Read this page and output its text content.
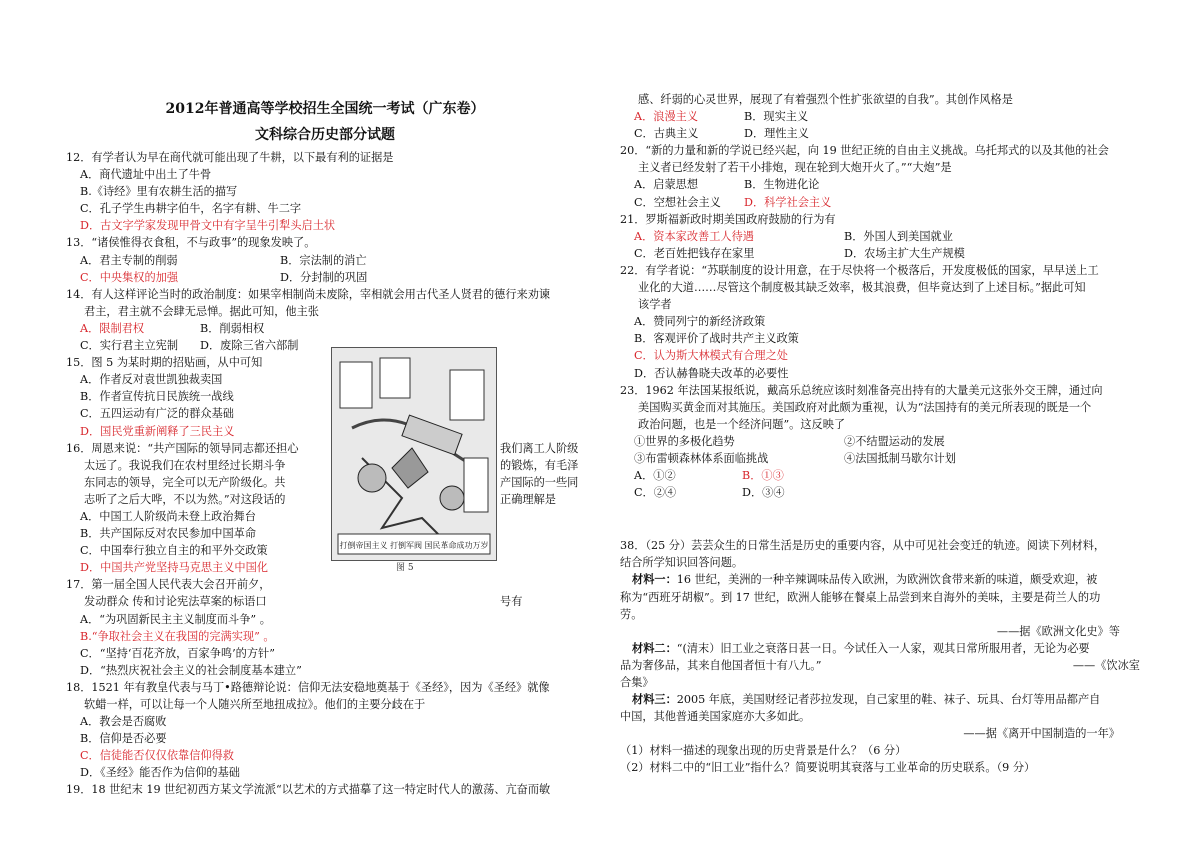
2012年普通高等学校招生全国统一考试（广东卷）
文科综合历史部分试题
12．有学者认为早在商代就可能出现了牛耕，以下最有利的证据是
A．商代遗址中出土了牛骨
B.《诗经》里有农耕生活的描写
C．孔子学生冉耕字伯牛，名字有耕、牛二字
D．古文字学家发现甲骨文中有字呈牛引犁头启土状
13．“诸侯惟得衣食租，不与政事”的现象发映了。
A．君主专制的削弱	B．宗法制的消亡
C．中央集权的加强	D．分封制的巩固
14．有人这样评论当时的政治制度：如果宰相制尚未废除，宰相就会用古代圣人贤君的德行来劝谏
君主，君主就不会肆无忌惮。据此可知，他主张
A．限制君权	B．削弱相权
C．实行君主立宪制	D．废除三省六部制
15．图 5 为某时期的招贴画，从中可知
A．作者反对袁世凯独裁卖国
B．作者宣传抗日民族统一战线
C．五四运动有广泛的群众基础
D．国民党重新阐释了三民主义
16．周恩来说：“共产国际的领导同志都还担心	我们离工人阶级
太远了。我说我们在农村里经过长期斗争	的锻炼，有毛泽
东同志的领导，完全可以无产阶级化。共	产国际的一些同
志听了之后大哗，不以为然。”对这段话的	正确理解是
A．中国工人阶级尚未登上政治舞台
B．共产国际反对农民参加中国革命
C．中国奉行独立自主的和平外交政策
D．中国共产党坚持马克思主义中国化
17．第一届全国人民代表大会召开前夕，
发动群众 传和讨论宪法草案的标语口	号有
A．“为巩固新民主主义制度而斗争” 。
B.“争取社会主义在我国的完满实现” 。
C．“坚持‘百花齐放，百家争鸣’的方针”
D．“热烈庆祝社会主义的社会制度基本建立”
18．1521 年有教皇代表与马丁•路德辩论说：信仰无法安稳地奠基于《圣经》，因为《圣经》就像
软蜡一样，可以让每一个人随兴所至地扭成拉》。他们的主要分歧在于
A．教会是否腐败
B．信仰是否必要
C．信徒能否仅仅依靠信仰得救
D．《圣经》能否作为信仰的基础
19．18 世纪末 19 世纪初西方某文学流派“以艺术的方式描摹了这一特定时代人的激荡、亢奋而敏
打倒帝国主义 打倒军阀 国民革命成功万岁
图 5
感、纤弱的心灵世界，展现了有着强烈个性扩张欲望的自我”。其创作风格是
A．浪漫主义	B．现实主义
C．古典主义	D．理性主义
20．“新的力量和新的学说已经兴起，向 19 世纪正统的自由主义挑战。乌托邦式的以及其他的社会
主义者已经发射了若干小排炮，现在轮到大炮开火了。”“大炮”是
A．启蒙思想	B．生物进化论
C．空想社会主义	D．科学社会主义
21．罗斯福新政时期美国政府鼓励的行为有
A．资本家改善工人待遇	B．外国人到美国就业
C．老百姓把钱存在家里	D．农场主扩大生产规模
22．有学者说：“苏联制度的设计用意，在于尽快将一个极落后，开发度极低的国家，早早送上工
业化的大道……尽管这个制度极其缺乏效率，极其浪费，但毕竟达到了上述目标。”据此可知
该学者
A．赞同列宁的新经济政策
B．客观评价了战时共产主义政策
C．认为斯大林模式有合理之处
D．否认赫鲁晓夫改革的必要性
23．1962 年法国某报纸说，戴高乐总统应该时刻准备亮出持有的大量美元这张外交王牌，通过向
美国购买黄金而对其施压。美国政府对此颇为重视，认为“法国持有的美元所表现的既是一个
政治问题，也是一个经济问题”。这反映了
①世界的多极化趋势	②不结盟运动的发展
③布雷顿森林体系面临挑战	④法国抵制马歇尔计划
A．①②	B．①③
C．②④	D．③④
38．（25 分）芸芸众生的日常生活是历史的重要内容，从中可见社会变迁的轨迹。阅读下列材料，
结合所学知识回答问题。
材料一：16 世纪，美洲的一种辛辣调味品传入欧洲，为欧洲饮食带来新的味道，颇受欢迎，被
称为“西班牙胡椒”。到 17 世纪，欧洲人能够在餐桌上品尝到来自海外的美味，主要是荷兰人的功
劳。
——据《欧洲文化史》等
材料二：“(清末）旧工业之衰落日甚一日。今试任入一人家，观其日常所服用者，无论为必要
品为奢侈品，其来自他国者恒十有八九。”	——《饮冰室
合集》
材料三：2005 年底，美国财经记者莎拉发现，自己家里的鞋、袜子、玩具、台灯等用品都产自
中国，其他普通美国家庭亦大多如此。
——据《离开中国制造的一年》
（1）材料一描述的现象出现的历史背景是什么？（6 分）
（2）材料二中的“旧工业”指什么？简要说明其衰落与工业革命的历史联系。（9 分）
